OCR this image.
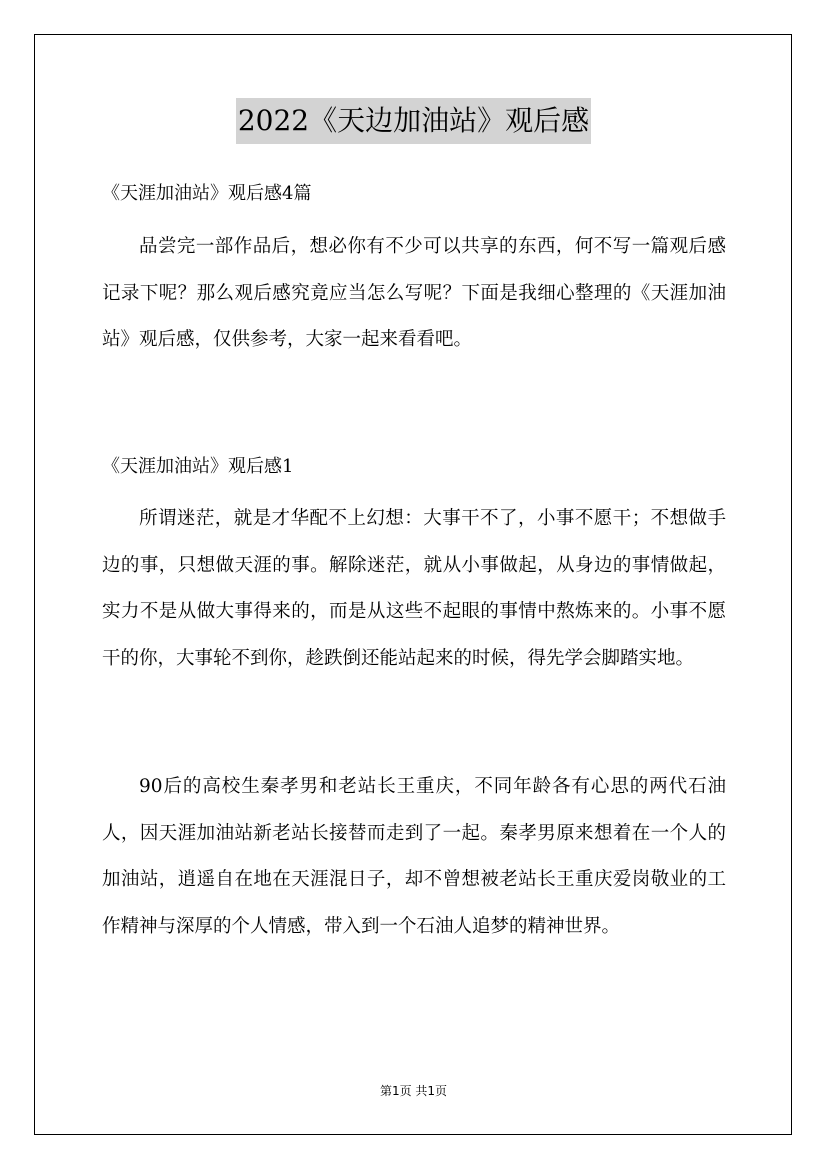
2022《天边加油站》观后感
《天涯加油站》观后感4篇

品尝完一部作品后，想必你有不少可以共享的东西，何不写一篇观后感记录下呢？那么观后感究竟应当怎么写呢？下面是我细心整理的《天涯加油站》观后感，仅供参考，大家一起来看看吧。

《天涯加油站》观后感1

所谓迷茫，就是才华配不上幻想：大事干不了，小事不愿干；不想做手边的事，只想做天涯的事。解除迷茫，就从小事做起，从身边的事情做起，实力不是从做大事得来的，而是从这些不起眼的事情中熬炼来的。小事不愿干的你，大事轮不到你，趁跌倒还能站起来的时候，得先学会脚踏实地。

90后的高校生秦孝男和老站长王重庆，不同年龄各有心思的两代石油人，因天涯加油站新老站长接替而走到了一起。秦孝男原来想着在一个人的加油站，逍遥自在地在天涯混日子，却不曾想被老站长王重庆爱岗敬业的工作精神与深厚的个人情感，带入到一个石油人追梦的精神世界。

第1页 共1页
